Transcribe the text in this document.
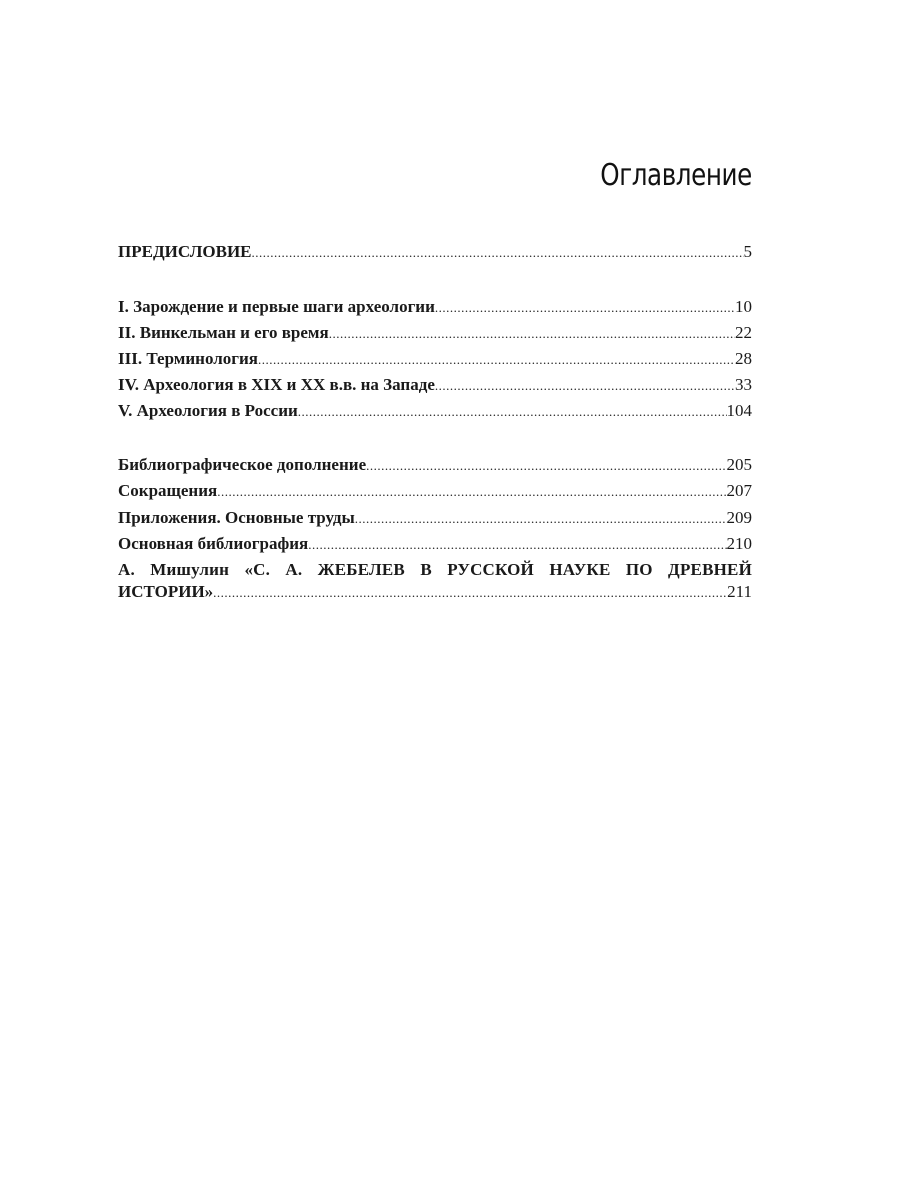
Оглавление
ПРЕДИСЛОВИЕ .....	5
I. Зарождение и первые шаги археологии .....	10
II. Винкельман и его время .....	22
III. Терминология .....	28
IV. Археология в XIX и XX в.в. на Западе .....	33
V. Археология в России .....	104
Библиографическое дополнение .....	205
Сокращения .....	207
Приложения. Основные труды .....	209
Основная библиография .....	210
А. Мишулин «С. А. ЖЕБЕЛЕВ В РУССКОЙ НАУКЕ ПО ДРЕВНЕЙ
ИСТОРИИ» .....	211
